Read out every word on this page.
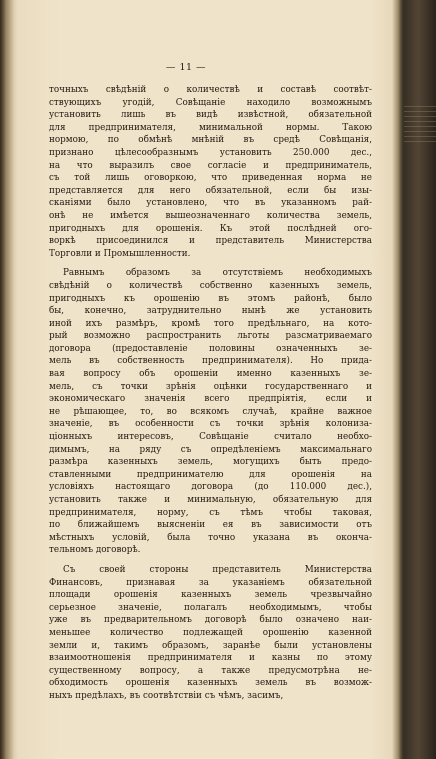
— 11 —
точныхъ свѣдѣній о количествѣ и составѣ соотвѣт-
ствующихъ угодій, Совѣщаніе находило возможнымъ
установить лишь въ видѣ извѣстной, обязательной
для предпринимателя, минимальной нормы. Такою
нормою, по обмѣнѣ мнѣній въ средѣ Совѣщанія,
признано цѣлесообразнымъ установить 250.000 дес.,
на что выразилъ свое согласіе и предприниматель,
съ той лишь оговоркою, что приведенная норма не
представляется для него обязательной, если бы изы-
сканіями было установлено, что въ указанномъ рай-
онѣ не имѣется вышеозначеннаго количества земель,
пригодныхъ для орошенія. Къ этой послѣдней ого-
воркѣ присоединился и представитель Министерства
Торговли и Промышленности.
Равнымъ образомъ за отсутствіемъ необходимыхъ
свѣдѣній о количествѣ собственно казенныхъ земель,
пригодныхъ къ орошенію въ этомъ районѣ, было
бы, конечно, затруднительно нынѣ же установить
иной ихъ размѣръ, кромѣ того предѣльнаго, на кото-
рый возможно распространить льготы разсматриваемаго
договора (предоставленіе половины означенныхъ зе-
мель въ собственность предпринимателя). Но прида-
вая вопросу объ орошеніи именно казенныхъ зе-
мель, съ точки зрѣнія оцѣнки государственнаго и
экономическаго значенія всего предпріятія, если и
не рѣшающее, то, во всякомъ случаѣ, крайне важное
значеніе, въ особенности съ точки зрѣнія колониза-
ціонныхъ интересовъ, Совѣщаніе считало необхо-
димымъ, на ряду съ опредѣленіемъ максимальнаго
размѣра казенныхъ земель, могущихъ быть предо-
ставленными предпринимателю для орошенія на
условіяхъ настоящаго договора (до 110.000 дес.),
установить также и минимальную, обязательную для
предпринимателя, норму, съ тѣмъ чтобы таковая,
по ближайшемъ выясненіи ея въ зависимости отъ
мѣстныхъ условій, была точно указана въ оконча-
тельномъ договорѣ.
Съ своей стороны представитель Министерства
Финансовъ, признавая за указаніемъ обязательной
площади орошенія казенныхъ земель чрезвычайно
серьезное значеніе, полагалъ необходимымъ, чтобы
уже въ предварительномъ договорѣ было означено наи-
меньшее количество подлежащей орошенію казенной
земли и, такимъ образомъ, заранѣе были установлены
взаимоотношенія предпринимателя и казны по этому
существенному вопросу, а также предусмотрѣна не-
обходимость орошенія казенныхъ земель въ возмож-
ныхъ предѣлахъ, въ соотвѣтствіи съ чѣмъ, засимъ,
